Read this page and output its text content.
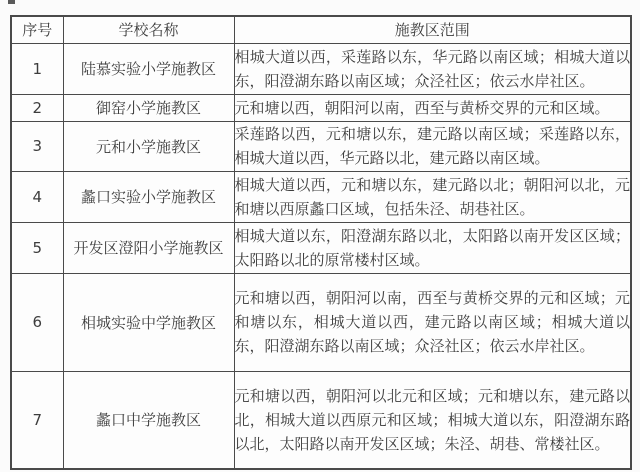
序号	学校名称	施教区范围
1	陆慕实验小学施教区	相城大道以西，采莲路以东，华元路以南区域；相城大道以东，阳澄湖东路以南区域；众泾社区；依云水岸社区。
2	御窑小学施教区	元和塘以西，朝阳河以南，西至与黄桥交界的元和区域。
3	元和小学施教区	采莲路以西，元和塘以东，建元路以南区域；采莲路以东，相城大道以西，华元路以北，建元路以南区域。
4	蠡口实验小学施教区	相城大道以西，元和塘以东，建元路以北；朝阳河以北，元和塘以西原蠡口区域，包括朱泾、胡巷社区。
5	开发区澄阳小学施教区	相城大道以东，阳澄湖东路以北，太阳路以南开发区区域；太阳路以北的原常楼村区域。
6	相城实验中学施教区	元和塘以西，朝阳河以南，西至与黄桥交界的元和区域；元和塘以东，相城大道以西，建元路以南区域；相城大道以东，阳澄湖东路以南区域；众泾社区；依云水岸社区。
7	蠡口中学施教区	元和塘以西，朝阳河以北元和区域；元和塘以东，建元路以北，相城大道以西原元和区域；相城大道以东，阳澄湖东路以北，太阳路以南开发区区域；朱泾、胡巷、常楼社区。
